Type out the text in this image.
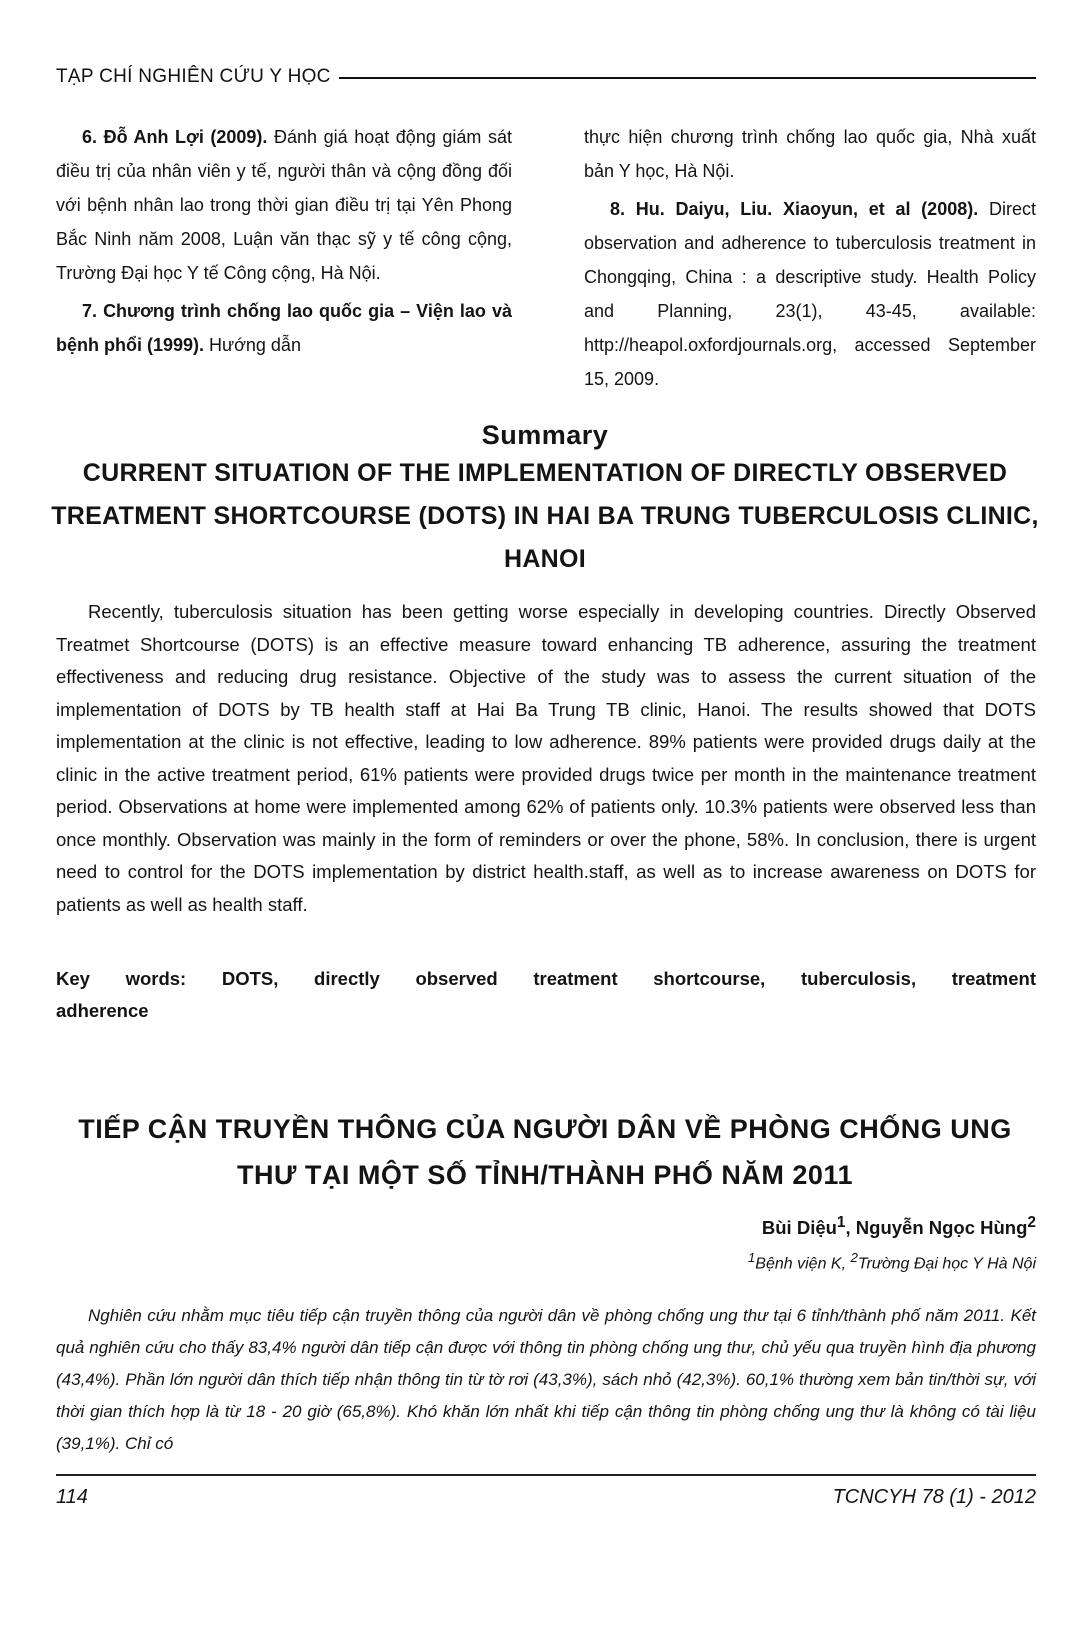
TẠP CHÍ NGHIÊN CỨU Y HỌC

6. Đỗ Anh Lợi (2009). Đánh giá hoạt động giám sát điều trị của nhân viên y tế, người thân và cộng đồng đối với bệnh nhân lao trong thời gian điều trị tại Yên Phong Bắc Ninh năm 2008, Luận văn thạc sỹ y tế công cộng, Trường Đại học Y tế Công cộng, Hà Nội.

7. Chương trình chống lao quốc gia – Viện lao và bệnh phổi (1999). Hướng dẫn

thực hiện chương trình chống lao quốc gia, Nhà xuất bản Y học, Hà Nội.

8. Hu. Daiyu, Liu. Xiaoyun, et al (2008). Direct observation and adherence to tuberculosis treatment in Chongqing, China : a descriptive study. Health Policy and Planning, 23(1), 43-45, available: http://heapol.oxfordjournals.org, accessed September 15, 2009.

Summary
CURRENT SITUATION OF THE IMPLEMENTATION OF DIRECTLY OBSERVED TREATMENT SHORTCOURSE (DOTS) IN HAI BA TRUNG TUBERCULOSIS CLINIC, HANOI

Recently, tuberculosis situation has been getting worse especially in developing countries. Directly Observed Treatmet Shortcourse (DOTS) is an effective measure toward enhancing TB adherence, assuring the treatment effectiveness and reducing drug resistance. Objective of the study was to assess the current situation of the implementation of DOTS by TB health staff at Hai Ba Trung TB clinic, Hanoi. The results showed that DOTS implementation at the clinic is not effective, leading to low adherence. 89% patients were provided drugs daily at the clinic in the active treatment period, 61% patients were provided drugs twice per month in the maintenance treatment period. Observations at home were implemented among 62% of patients only. 10.3% patients were observed less than once monthly. Observation was mainly in the form of reminders or over the phone, 58%. In conclusion, there is urgent need to control for the DOTS implementation by district health.staff, as well as to increase awareness on DOTS for patients as well as health staff.

Key words: DOTS, directly observed treatment shortcourse, tuberculosis, treatment adherence

TIẾP CẬN TRUYỀN THÔNG CỦA NGƯỜI DÂN VỀ PHÒNG CHỐNG UNG THƯ TẠI MỘT SỐ TỈNH/THÀNH PHỐ NĂM 2011
Bùi Diệu$^1$, Nguyễn Ngọc Hùng$^2$
$^1$Bệnh viện K, $^2$Trường Đại học Y Hà Nội

Nghiên cứu nhằm mục tiêu tiếp cận truyền thông của người dân về phòng chống ung thư tại 6 tỉnh/thành phố năm 2011. Kết quả nghiên cứu cho thấy 83,4% người dân tiếp cận được với thông tin phòng chống ung thư, chủ yếu qua truyền hình địa phương (43,4%). Phần lớn người dân thích tiếp nhận thông tin từ tờ rơi (43,3%), sách nhỏ (42,3%). 60,1% thường xem bản tin/thời sự, với thời gian thích hợp là từ 18 - 20 giờ (65,8%). Khó khăn lớn nhất khi tiếp cận thông tin phòng chống ung thư là không có tài liệu (39,1%). Chỉ có

114	TCNCYH 78 (1) - 2012
